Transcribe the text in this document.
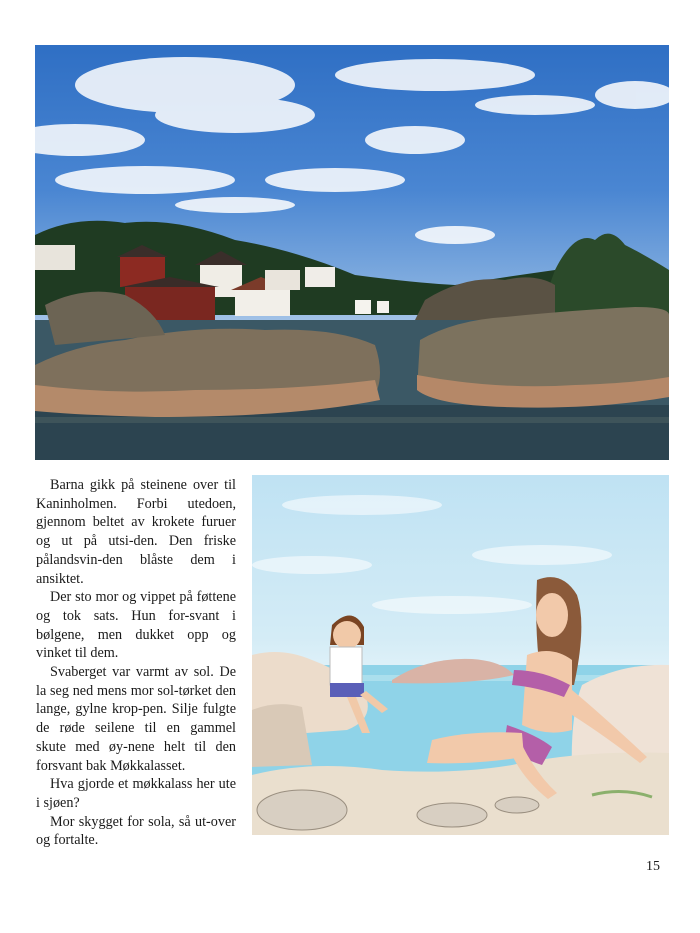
Barna gikk på steinene over til Kaninholmen. Forbi utedoen, gjennom beltet av krokete furuer og ut på utsi-den. Den friske pålandsvin-den blåste dem i ansiktet.

Der sto mor og vippet på føttene og tok sats. Hun for-svant i bølgene, men dukket opp og vinket til dem.

Svaberget var varmt av sol. De la seg ned mens mor sol-tørket den lange, gylne krop-pen. Silje fulgte de røde seilene til en gammel skute med øy-nene helt til den forsvant bak Møkkalasset.

Hva gjorde et møkkalass her ute i sjøen?

Mor skygget for sola, så ut-over og fortalte.

15
